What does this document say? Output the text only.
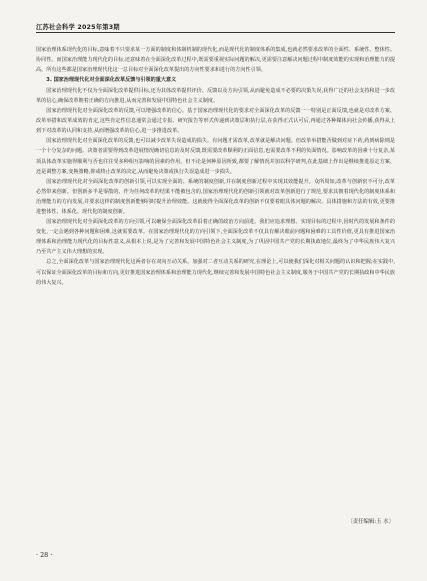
江苏社会科学 2025年第3期

国家治理体系现代化的目标,意味着不只要求某一方面的制度和体制机制的现代化,而是现代化的制度体系的集成,也就必然要求改革的全面性、系统性、整体性、协同性。而国家治理能力现代化的目标,还意味着在全面深化改革过程中,既需要重视实际问题的解决,更需要注意解决问题过程中制度效能的实现和治理能力的提高。所有这些都是国家治理现代化这一总目标对全面深化改革提出的方向性要求和进行的方向性引领。

3. 国家治理现代化对全面深化改革反馈与引领的重大意义

国家治理现代化不仅为全面深化改革提供目标,还为其体改革提供评价、反馈以及方向引领,从而避免造成不必要的决策失误,获得广泛的社会支持和进一步改革的信心,确保改革朝着正确的方向推进,从而完善和发展中国特色社会主义制度。

国家治理现代化对全面深化改革的反馈,可以增强改革的信心。基于国家治理现代化的要求对全面深化改革的反馈一一特别是正面反馈,也就是对改革方案、改革举措和改革成效的肯定,这些肯定性信息通常会通过专报、研究报告等形式传递到决策层和执行层,在获得正式认可后,再通过各种媒体向社会传播,获得从上到下对改革的认同和支持,从而增强改革的信心,进一步推进改革。

国家治理现代化对全面深化改革的反馈,也可以减少改革失误造成的损失。有问题才需改革,改革就是解决问题。但改革举措能否做到对症下药,药到病除则是一个十分复杂的问题。决策者需要得到改革进展情况确切信息的及时反馈,既需要改革顺利的正面信息,也需要改革不利的负面情况。影响改革的因素十分复杂,某项具体改革实施得顺利与否也往往受多种相互影响的因素的作用。但不论是何种原因所致,都要了解情况并加以科学研判,在此基础上作出是继续推进原定方案、还是调整方案,变换策略,抑或终止改革的决定,从而避免决策或执行失误造成进一步损失。

国家治理现代化对全面深化改革的创新引领,可以实现全面的、系统的制度创新,并在制度创新过程中实现其效能提升。众所周知,改革与创新密不可分,改革必然带来创新。但创新多半是零散的、作为任何改革的结果不能被包含的,国家治理现代化的创新引领就对改革创新进行了规范,要求其朝着现代化的制度体系和治理能力的方向发展,并要求这样的制度创新能够同时提升治理效能。这就使得全面深化改革的创新不仅要着眼具体问题的解决、具体措施和方法的有效,更要推进整体性、体系化、现代化的制度创新。

国家治理现代化对全面深化改革的方向引领,可以确保全面深化改革沿着正确的政治方向前进。我们应追求理想、实现目标的过程中,因时代的发展和条件的变化,一定会遇到各种问题和困难,这就需要改革。在国家治理现代化的方向引领下,全面深化改革不仅具有解决眼前问题和困难的工具性价值,更具有推进国家治理体系和治理能力现代化的目标性意义,从根本上说,是为了完善和发展中国特色社会主义制度,为了巩固中国共产党的长期执政地位,最终为了中华民族伟大复兴乃至共产主义伟大理想的实现。

总之,全面深化改革与国家治理现代化这两者存在双向互动关系。加强对二者互动关系的研究,在理论上,可以使我们深化对相关问题的认识和把握;在实践中,可以保证全面深化改革的目标和方向,更好推进国家治理体系和治理能力现代化,继续完善和发展中国特色社会主义制度,服务于中国共产党的长期执政和中华民族的伟大复兴。

〔责任编辑:玉 水〕
· 28 ·
